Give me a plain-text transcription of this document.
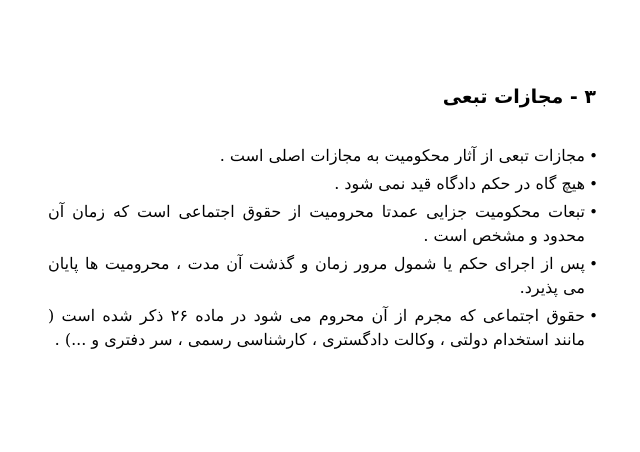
۳ - مجازات تبعی
• مجازات تبعی از آثار محکومیت به مجازات اصلی است .
• هیچ گاه در حکم دادگاه قید نمی شود .
• تبعات محکومیت جزایی عمدتا محرومیت از حقوق اجتماعی است که زمان آن محدود و مشخص است .
• پس از اجرای حکم یا شمول مرور زمان و گذشت آن مدت ، محرومیت ها پایان می پذیرد.
• حقوق اجتماعی که مجرم از آن محروم می شود در ماده ۲۶ ذکر شده است ( مانند استخدام دولتی ، وکالت دادگستری ، کارشناسی رسمی ، سر دفتری و ...) .
